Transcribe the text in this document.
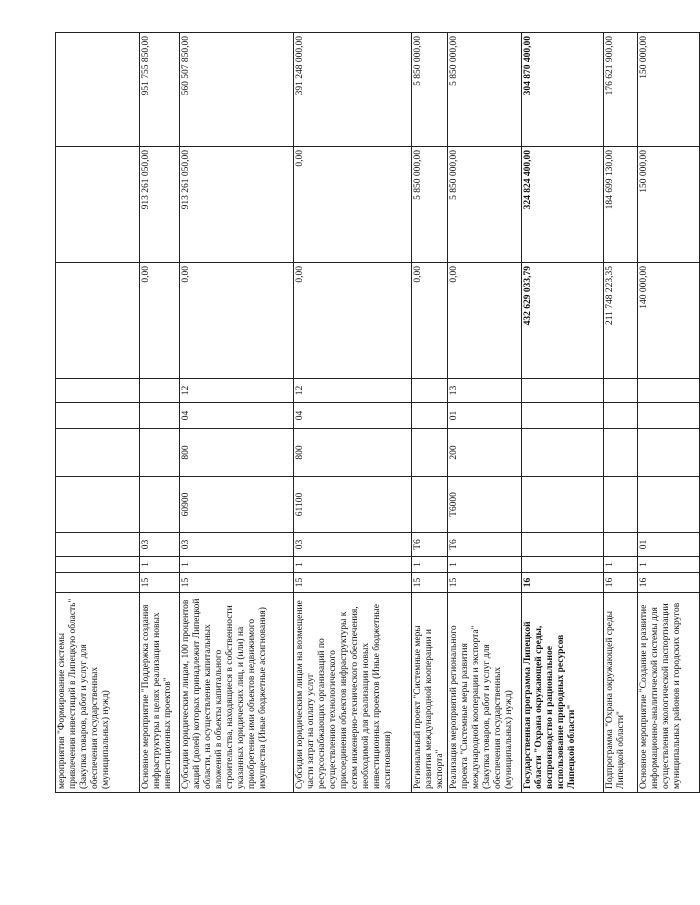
мероприятия "Формирование системы привлечения инвестиций в Липецкую область" (Закупка товаров, работ и услуг для обеспечения государственных (муниципальных) нужд)										
Основное мероприятие "Поддержка создания инфраструктуры в целях реализации новых инвестиционных проектов"	15	1	03					0,00	913 261 050,00	951 755 850,00
Субсидии юридическим лицам, 100 процентов акций (долей) которых принадлежит Липецкой области, на осуществление капитальных вложений в объекты капитального строительства, находящиеся в собственности указанных юридических лиц, и (или) на приобретение ими объектов недвижимого имущества (Иные бюджетные ассигнования)	15	1	03	60900	800	04	12	0,00	913 261 050,00	560 507 850,00
Субсидии юридическим лицам на возмещение части затрат на оплату услуг ресурсоснабжающих организаций по осуществлению технологического присоединения объектов инфраструктуры к сетям инженерно-технического обеспечения, необходимой для реализации новых инвестиционных проектов (Иные бюджетные ассигнования)	15	1	03	61100	800	04	12	0,00	0,00	391 248 000,00
Региональный проект "Системные меры развития международной кооперации и экспорта"	15	1	T6					0,00	5 850 000,00	5 850 000,00
Реализация мероприятий регионального проекта "Системные меры развития международной кооперации и экспорта" (Закупка товаров, работ и услуг для обеспечения государственных (муниципальных) нужд)	15	1	T6	T6000	200	01	13	0,00	5 850 000,00	5 850 000,00
Государственная программа Липецкой области "Охрана окружающей среды, воспроизводство и рациональное использование природных ресурсов Липецкой области"	16							432 629 033,79	324 824 400,00	304 870 400,00
Подпрограмма "Охрана окружающей среды Липецкой области"	16	1						211 748 223,35	184 699 130,00	176 621 900,00
Основное мероприятие "Создание и развитие информационно-аналитической системы для осуществления экологической паспортизации муниципальных районов и городских округов	16	1	01					140 000,00	150 000,00	150 000,00
